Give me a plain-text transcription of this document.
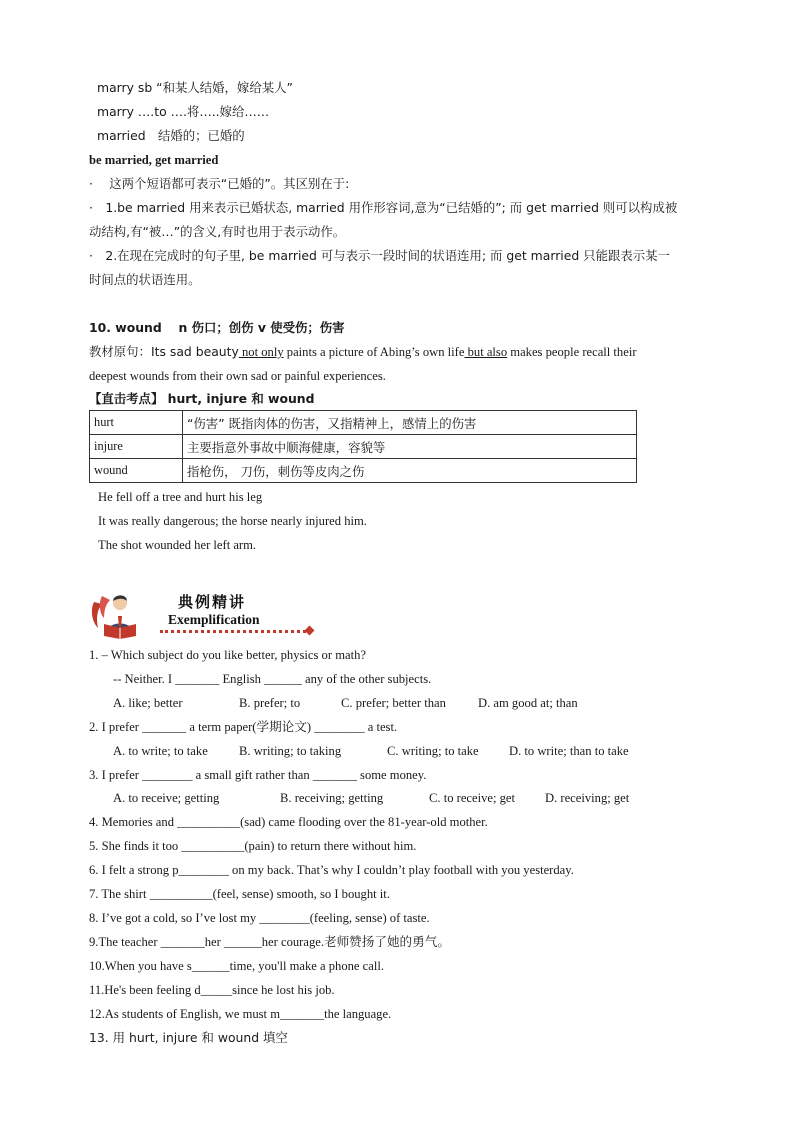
marry sb “和某人结婚，嫁给某人”
marry ….to ….将…..嫁给……
married　结婚的；已婚的
be married, get married
· 　这两个短语都可表示“已婚的”。其区别在于:
·　1.be married 用来表示已婚状态, married 用作形容词,意为“已结婚的”; 而 get married 则可以构成被
动结构,有“被…”的含义,有时也用于表示动作。
·　2.在现在完成时的句子里, be married 可与表示一段时间的状语连用; 而 get married 只能跟表示某一
时间点的状语连用。
10. wound　 n 伤口；创伤 v 使受伤；伤害
教材原句：Its sad beauty not only paints a picture of Abing’s own life but also makes people recall their
deepest wounds from their own sad or painful experiences.
【直击考点】 hurt, injure 和 wound
hurt	“伤害” 既指肉体的伤害，又指精神上，感情上的伤害
injure	主要指意外事故中顺海健康，容貌等
wound	指枪伤， 刀伤，刺伤等皮肉之伤
He fell off a tree and hurt his leg
It was really dangerous; the horse nearly injured him.
The shot wounded her left arm.
典例精讲
Exemplification
1. – Which subject do you like better, physics or math?
-- Neither. I _______ English ______ any of the other subjects.
A. like; better	B. prefer; to	C. prefer; better than	D. am good at; than
2. I prefer _______ a term paper(学期论文) ________ a test.
A. to write; to take B. writing; to taking	C. writing; to take D. to write; than to take
3. I prefer ________ a small gift rather than _______ some money.
A. to receive; getting	B. receiving; getting	C. to receive; get D. receiving; get
4. Memories and __________(sad) came flooding over the 81-year-old mother.
5. She finds it too __________(pain) to return there without him.
6. I felt a strong p________ on my back. That’s why I couldn’t play football with you yesterday.
7. The shirt __________(feel, sense) smooth, so I bought it.
8. I’ve got a cold, so I’ve lost my ________(feeling, sense) of taste.
9.The teacher _______her ______her courage.老师赞扬了她的勇气。
10.When you have s______time, you'll make a phone call.
11.He's been feeling d_____since he lost his job.
12.As students of English, we must m_______the language.
13. 用 hurt, injure 和 wound 填空
